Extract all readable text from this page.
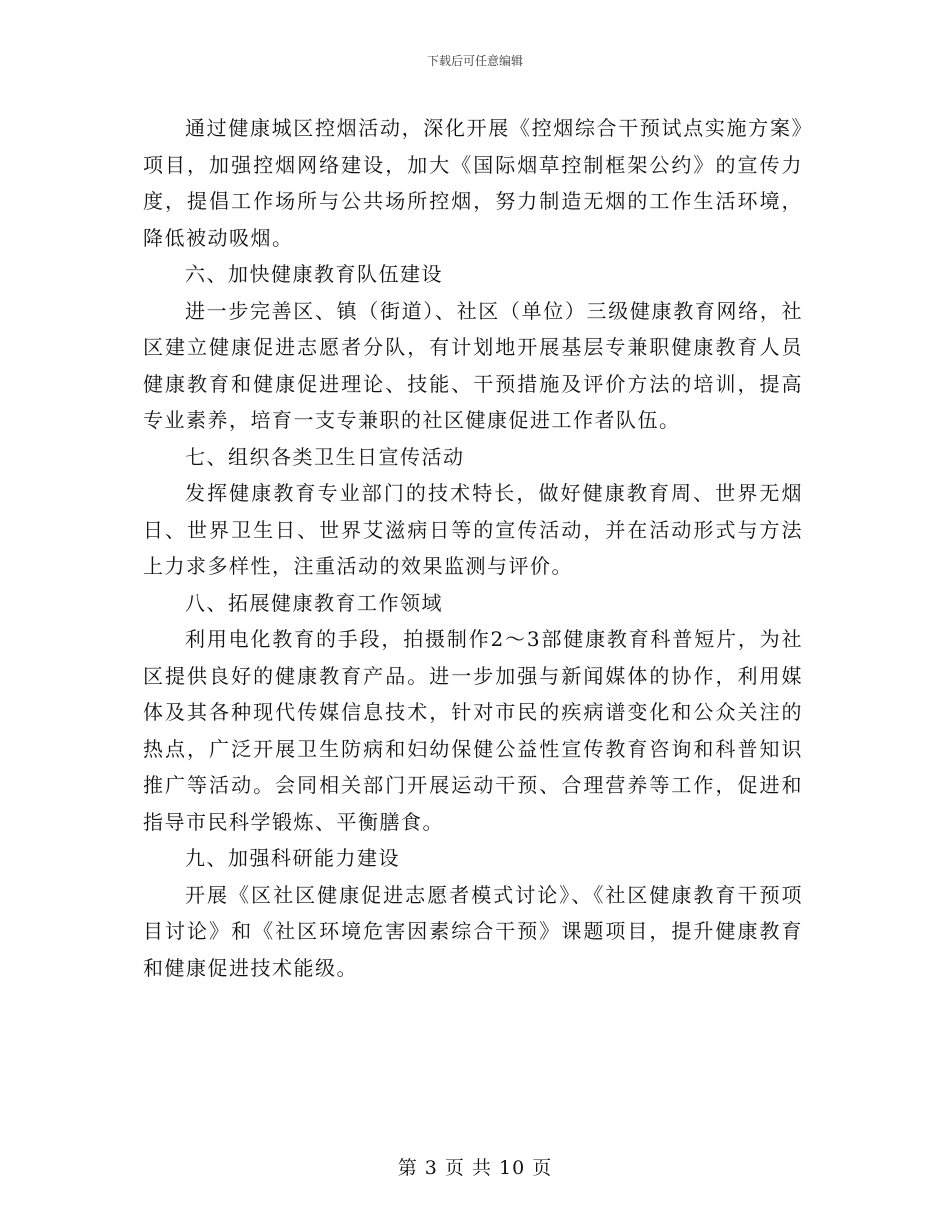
下载后可任意编辑

通过健康城区控烟活动，深化开展《控烟综合干预试点实施方案》项目，加强控烟网络建设，加大《国际烟草控制框架公约》的宣传力度，提倡工作场所与公共场所控烟，努力制造无烟的工作生活环境，降低被动吸烟。

六、加快健康教育队伍建设

进一步完善区、镇（街道）、社区（单位）三级健康教育网络，社区建立健康促进志愿者分队，有计划地开展基层专兼职健康教育人员健康教育和健康促进理论、技能、干预措施及评价方法的培训，提高专业素养，培育一支专兼职的社区健康促进工作者队伍。

七、组织各类卫生日宣传活动

发挥健康教育专业部门的技术特长，做好健康教育周、世界无烟日、世界卫生日、世界艾滋病日等的宣传活动，并在活动形式与方法上力求多样性，注重活动的效果监测与评价。

八、拓展健康教育工作领域

利用电化教育的手段，拍摄制作2～3部健康教育科普短片，为社区提供良好的健康教育产品。进一步加强与新闻媒体的协作，利用媒体及其各种现代传媒信息技术，针对市民的疾病谱变化和公众关注的热点，广泛开展卫生防病和妇幼保健公益性宣传教育咨询和科普知识推广等活动。会同相关部门开展运动干预、合理营养等工作，促进和指导市民科学锻炼、平衡膳食。

九、加强科研能力建设

开展《区社区健康促进志愿者模式讨论》、《社区健康教育干预项目讨论》和《社区环境危害因素综合干预》课题项目，提升健康教育和健康促进技术能级。

第 3 页 共 10 页
